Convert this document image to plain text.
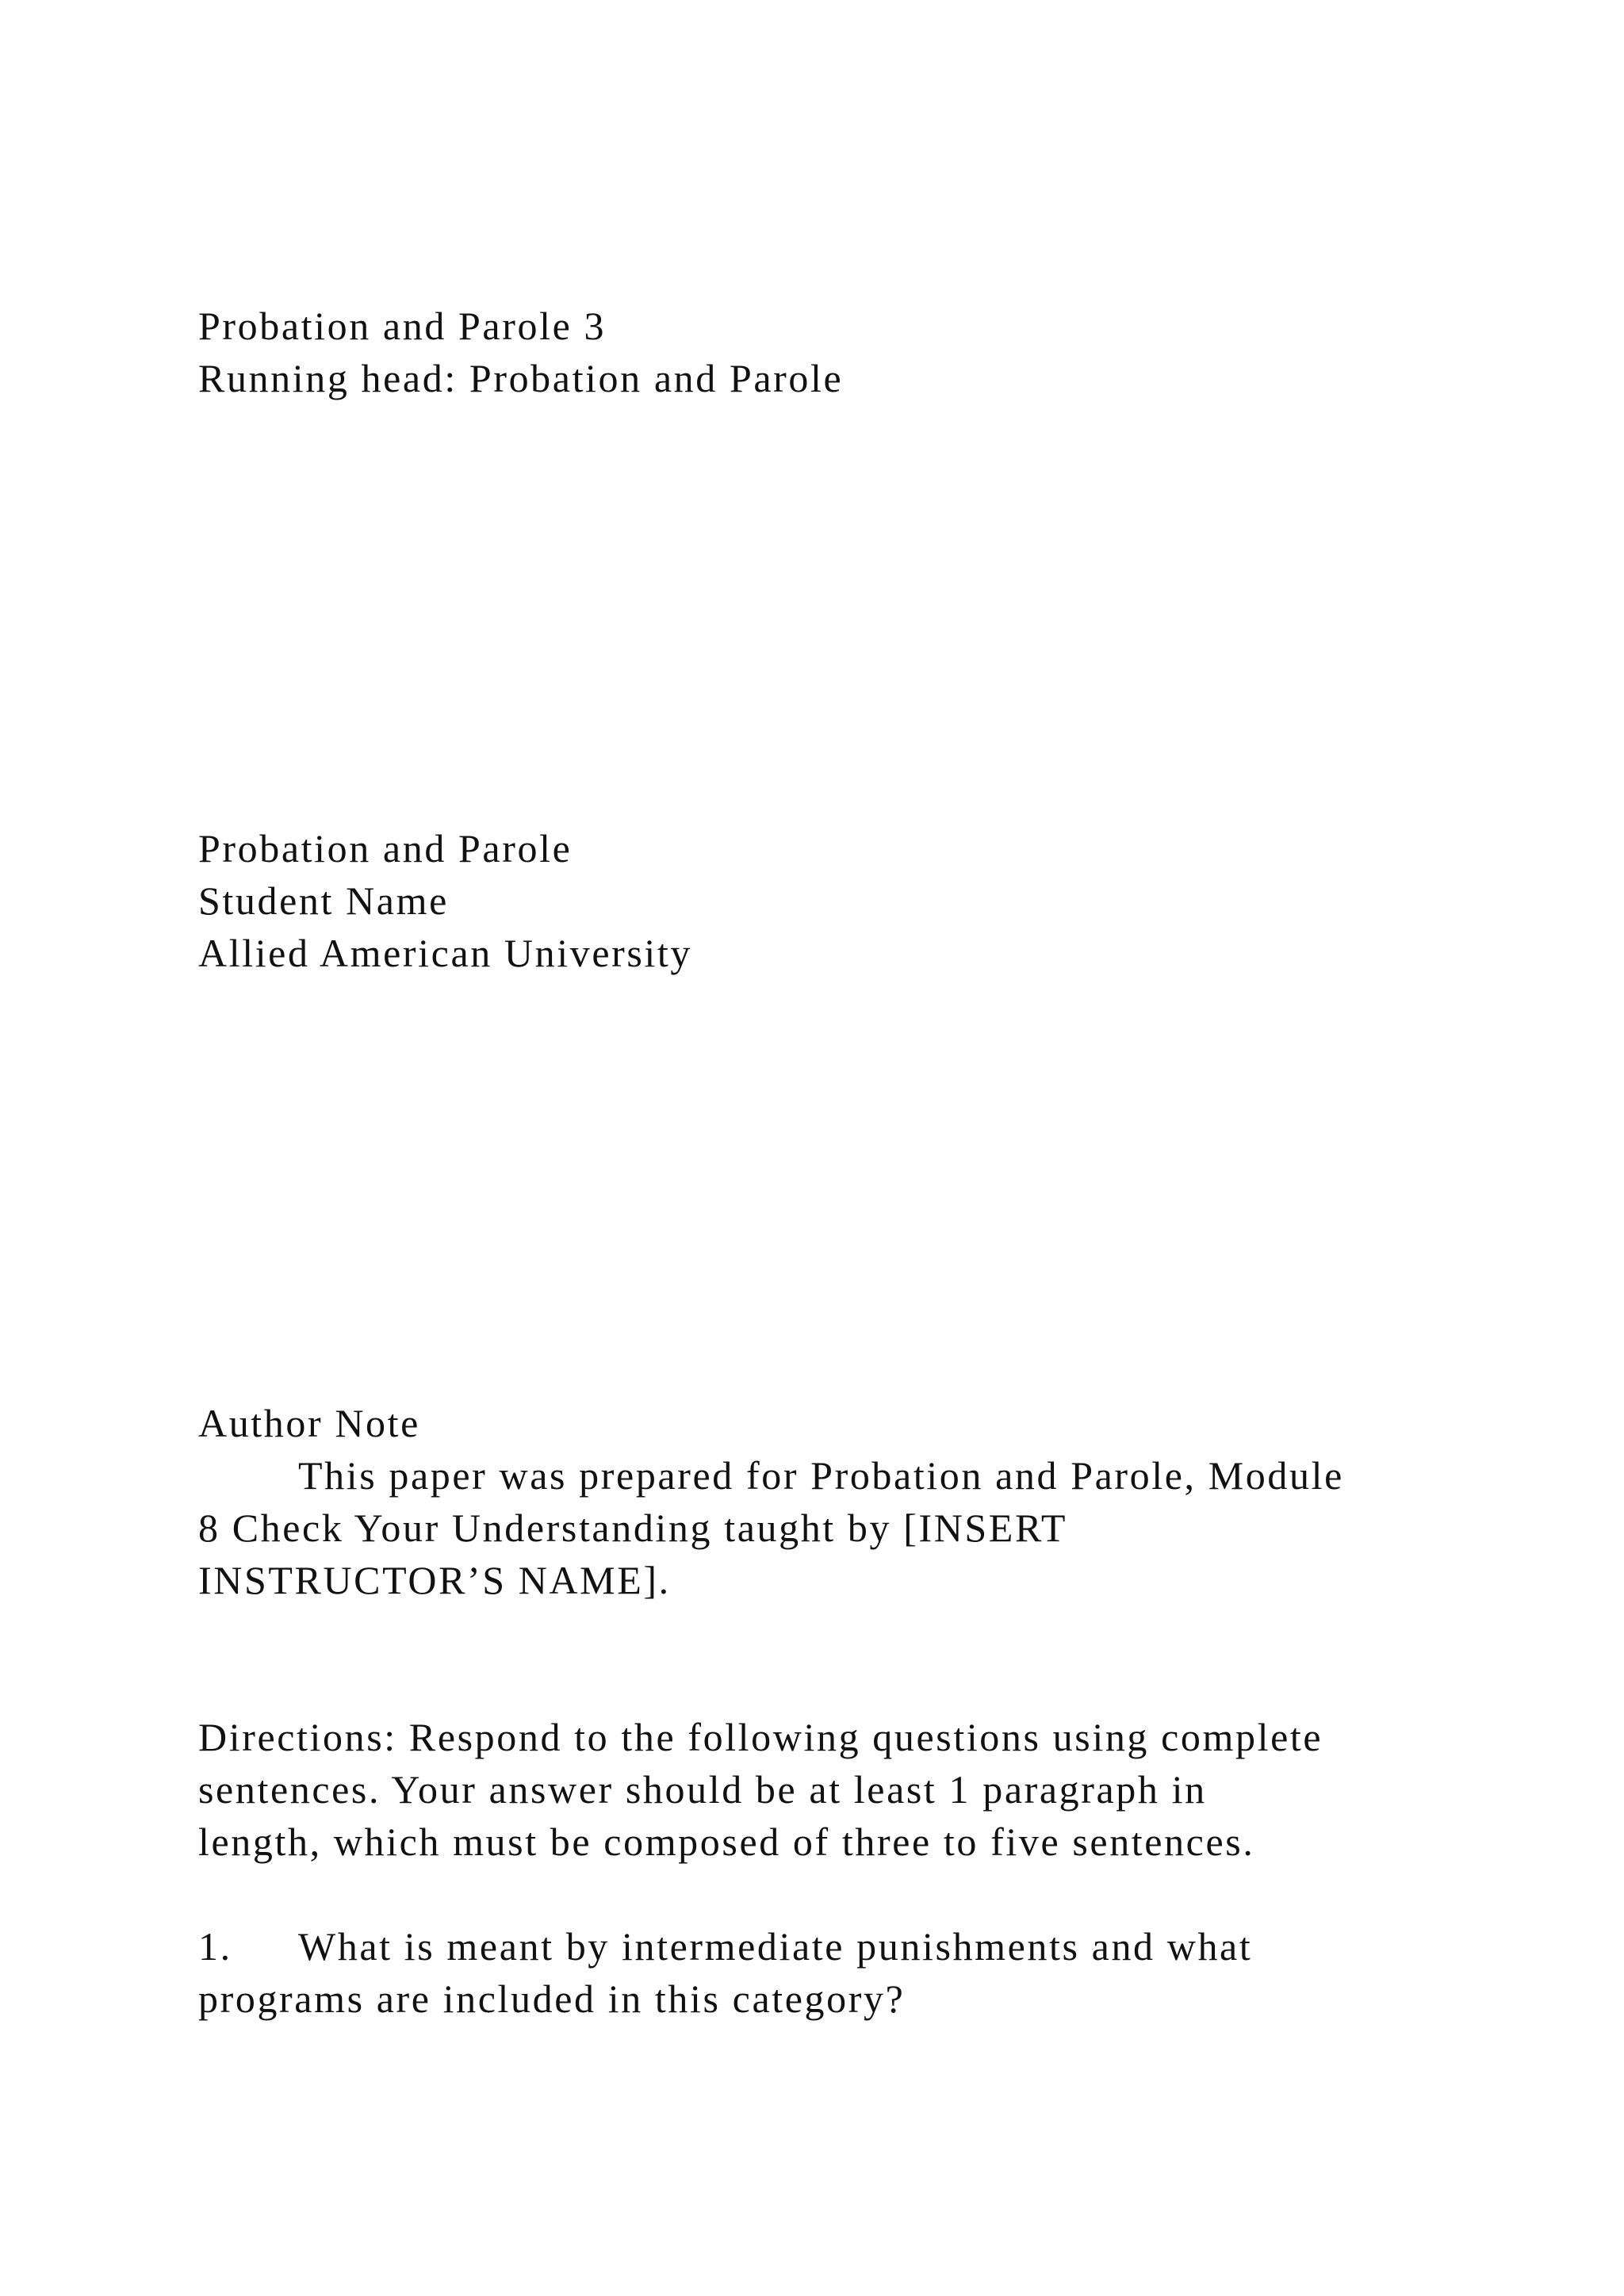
Probation and Parole 3

Running head: Probation and Parole

Probation and Parole

Student Name

Allied American University

Author Note

This paper was prepared for Probation and Parole, Module

8 Check Your Understanding taught by [INSERT

INSTRUCTOR’S NAME].

Directions: Respond to the following questions using complete

sentences. Your answer should be at least 1 paragraph in

length, which must be composed of three to five sentences.

1. What is meant by intermediate punishments and what

programs are included in this category?
